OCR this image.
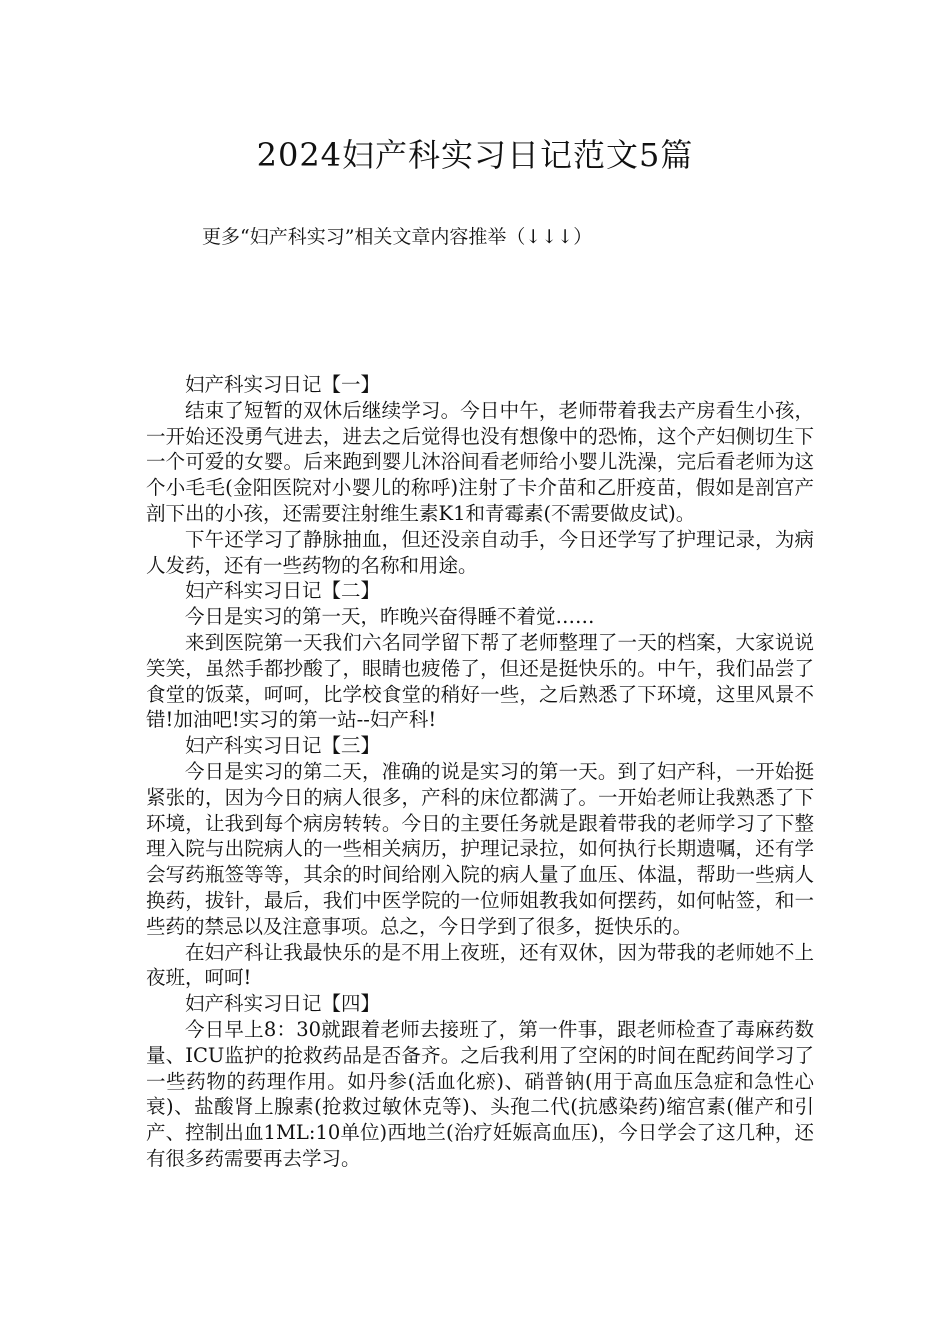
2024妇产科实习日记范文5篇

更多“妇产科实习”相关文章内容推举（↓↓↓）

妇产科实习日记【一】

结束了短暂的双休后继续学习。今日中午，老师带着我去产房看生小孩，一开始还没勇气进去，进去之后觉得也没有想像中的恐怖，这个产妇侧切生下一个可爱的女婴。后来跑到婴儿沐浴间看老师给小婴儿洗澡，完后看老师为这个小毛毛(金阳医院对小婴儿的称呼)注射了卡介苗和乙肝疫苗，假如是剖宫产剖下出的小孩，还需要注射维生素K1和青霉素(不需要做皮试)。

下午还学习了静脉抽血，但还没亲自动手，今日还学写了护理记录，为病人发药，还有一些药物的名称和用途。

妇产科实习日记【二】

今日是实习的第一天，昨晚兴奋得睡不着觉……

来到医院第一天我们六名同学留下帮了老师整理了一天的档案，大家说说笑笑，虽然手都抄酸了，眼睛也疲倦了，但还是挺快乐的。中午，我们品尝了食堂的饭菜，呵呵，比学校食堂的稍好一些，之后熟悉了下环境，这里风景不错!加油吧!实习的第一站--妇产科!

妇产科实习日记【三】

今日是实习的第二天，准确的说是实习的第一天。到了妇产科，一开始挺紧张的，因为今日的病人很多，产科的床位都满了。一开始老师让我熟悉了下环境，让我到每个病房转转。今日的主要任务就是跟着带我的老师学习了下整理入院与出院病人的一些相关病历，护理记录拉，如何执行长期遗嘱，还有学会写药瓶签等等，其余的时间给刚入院的病人量了血压、体温，帮助一些病人换药，拔针，最后，我们中医学院的一位师姐教我如何摆药，如何帖签，和一些药的禁忌以及注意事项。总之，今日学到了很多，挺快乐的。

在妇产科让我最快乐的是不用上夜班，还有双休，因为带我的老师她不上夜班，呵呵!

妇产科实习日记【四】

今日早上8：30就跟着老师去接班了，第一件事，跟老师检查了毒麻药数量、ICU监护的抢救药品是否备齐。之后我利用了空闲的时间在配药间学习了一些药物的药理作用。如丹参(活血化瘀)、硝普钠(用于高血压急症和急性心衰)、盐酸肾上腺素(抢救过敏休克等)、头孢二代(抗感染药)缩宫素(催产和引产、控制出血1ML:10单位)西地兰(治疗妊娠高血压)，今日学会了这几种，还有很多药需要再去学习。
